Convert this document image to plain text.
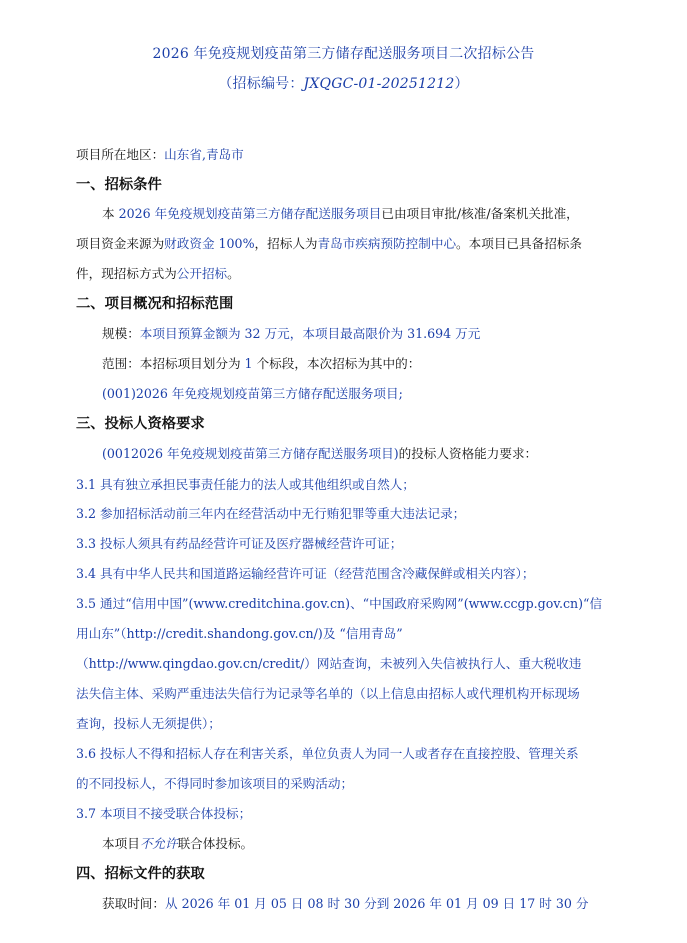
2026 年免疫规划疫苗第三方储存配送服务项目二次招标公告
（招标编号：JXQGC-01-20251212）
项目所在地区：山东省,青岛市
一、招标条件
本 2026 年免疫规划疫苗第三方储存配送服务项目已由项目审批/核准/备案机关批准，
项目资金来源为财政资金 100%，招标人为青岛市疾病预防控制中心。本项目已具备招标条
件，现招标方式为公开招标。
二、项目概况和招标范围
规模：本项目预算金额为 32 万元，本项目最高限价为 31.694 万元
范围：本招标项目划分为 1 个标段，本次招标为其中的：
(001)2026 年免疫规划疫苗第三方储存配送服务项目;
三、投标人资格要求
(0012026 年免疫规划疫苗第三方储存配送服务项目)的投标人资格能力要求：
3.1 具有独立承担民事责任能力的法人或其他组织或自然人；
3.2 参加招标活动前三年内在经营活动中无行贿犯罪等重大违法记录；
3.3 投标人须具有药品经营许可证及医疗器械经营许可证；
3.4 具有中华人民共和国道路运输经营许可证（经营范围含冷藏保鲜或相关内容）；
3.5 通过“信用中国”(www.creditchina.gov.cn)、“中国政府采购网”(www.ccgp.gov.cn)“信
用山东”（http://credit.shandong.gov.cn/)及 “信用青岛”
（http://www.qingdao.gov.cn/credit/）网站查询，未被列入失信被执行人、重大税收违
法失信主体、采购严重违法失信行为记录等名单的（以上信息由招标人或代理机构开标现场
查询，投标人无须提供）；
3.6 投标人不得和招标人存在利害关系，单位负责人为同一人或者存在直接控股、管理关系
的不同投标人，不得同时参加该项目的采购活动；
3.7 本项目不接受联合体投标；
本项目不允许联合体投标。
四、招标文件的获取
获取时间：从 2026 年 01 月 05 日 08 时 30 分到 2026 年 01 月 09 日 17 时 30 分
